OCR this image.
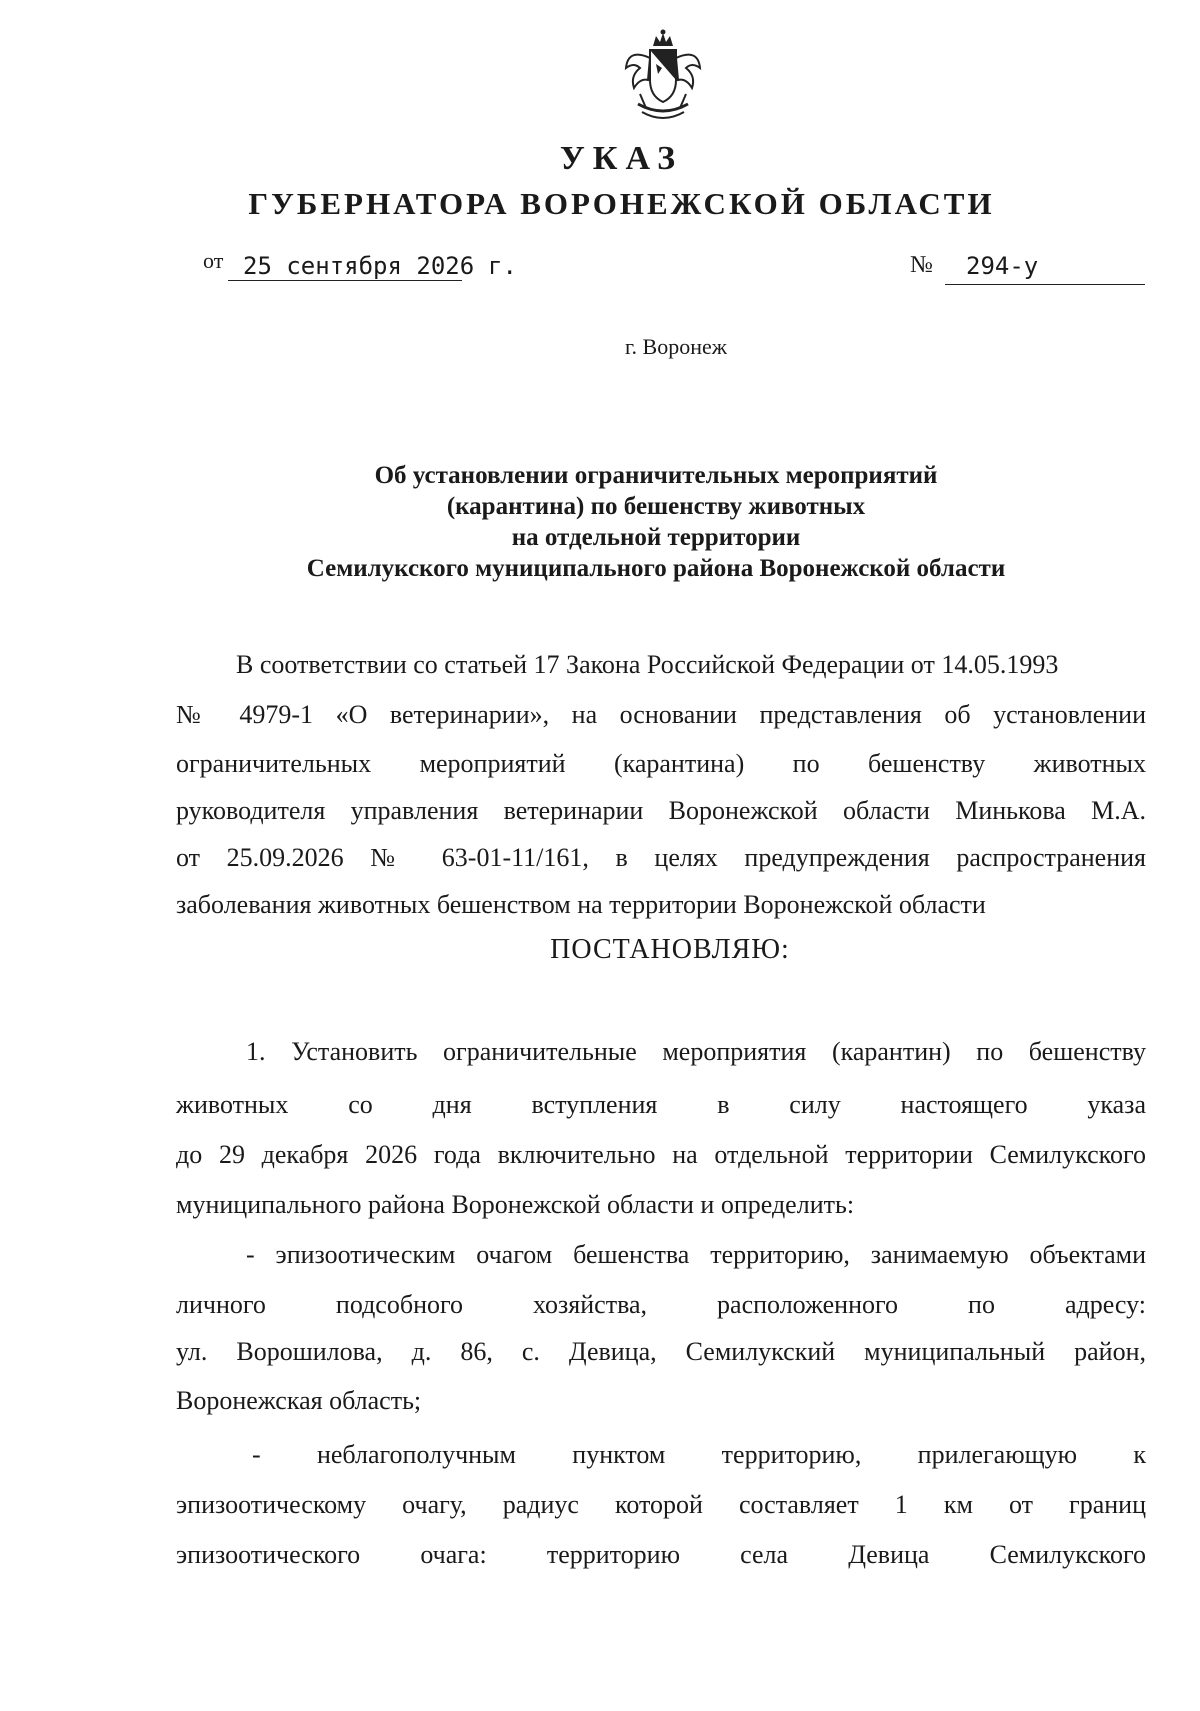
УКАЗ
ГУБЕРНАТОРА ВОРОНЕЖСКОЙ ОБЛАСТИ
от 25 сентября 2026 г.	№ 294-у
г. Воронеж
Об установлении ограничительных мероприятий
(карантина) по бешенству животных
на отдельной территории
Семилукского муниципального района Воронежской области
В соответствии со статьей 17 Закона Российской Федерации от 14.05.1993
№ 4979-1 «О ветеринарии», на основании представления об установлении
ограничительных мероприятий (карантина) по бешенству животных
руководителя управления ветеринарии Воронежской области Минькова М.А.
от 25.09.2026 № 63-01-11/161, в целях предупреждения распространения
заболевания животных бешенством на территории Воронежской области
ПОСТАНОВЛЯЮ:
1. Установить ограничительные мероприятия (карантин) по бешенству
животных со дня вступления в силу настоящего указа
до 29 декабря 2026 года включительно на отдельной территории Семилукского
муниципального района Воронежской области и определить:
- эпизоотическим очагом бешенства территорию, занимаемую объектами
личного подсобного хозяйства, расположенного по адресу:
ул. Ворошилова, д. 86, с. Девица, Семилукский муниципальный район,
Воронежская область;
- неблагополучным пунктом территорию, прилегающую к
эпизоотическому очагу, радиус которой составляет 1 км от границ
эпизоотического очага: территорию села Девица Семилукского
